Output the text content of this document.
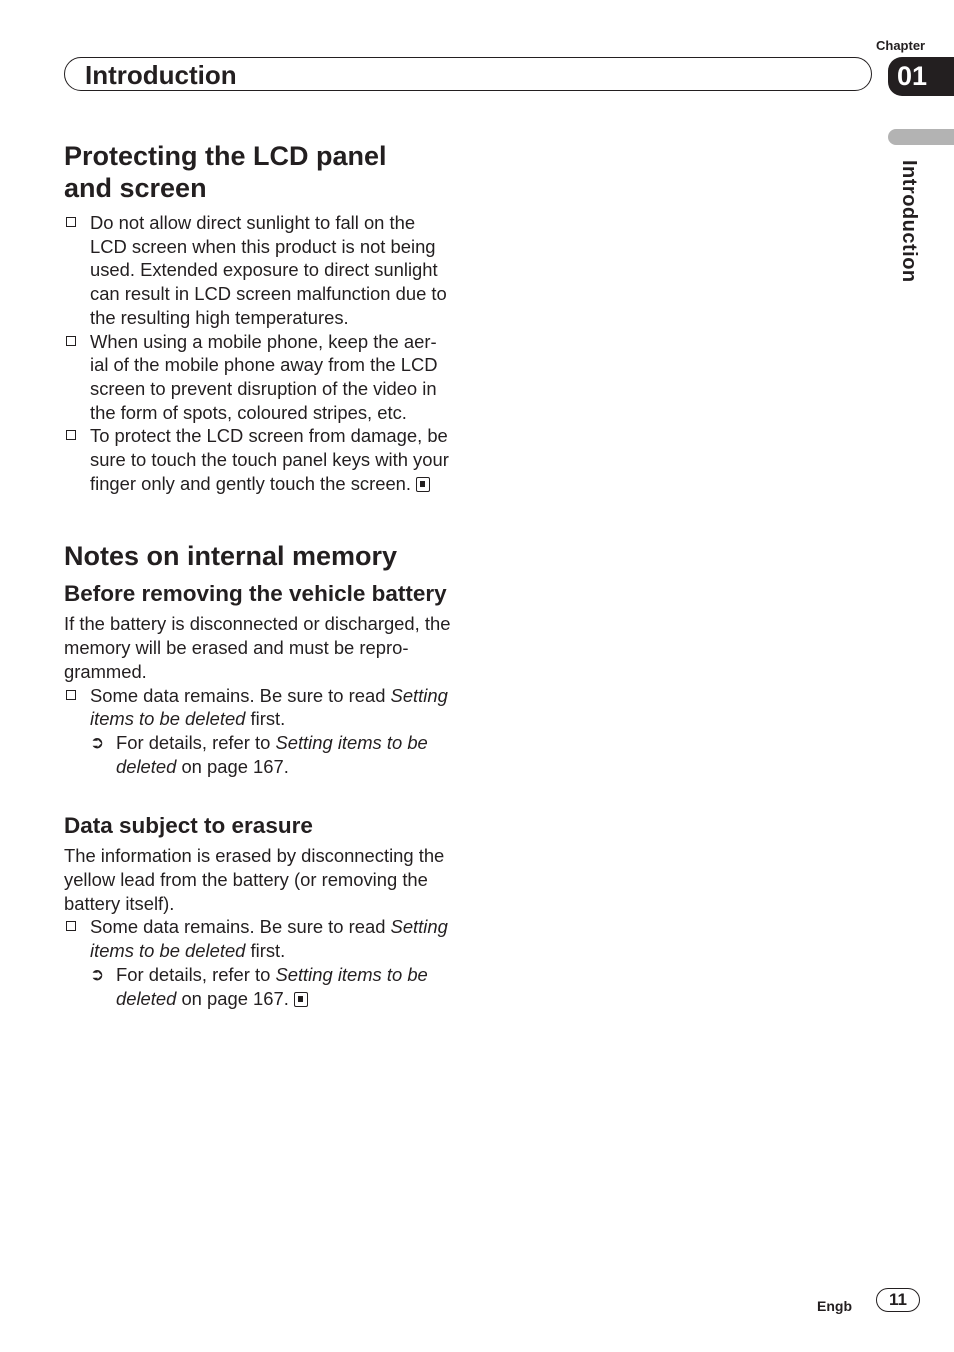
Chapter
Introduction	01
Introduction
Protecting the LCD panel and screen
Do not allow direct sunlight to fall on the LCD screen when this product is not being used. Extended exposure to direct sunlight can result in LCD screen malfunction due to the resulting high temperatures.
When using a mobile phone, keep the aer-ial of the mobile phone away from the LCD screen to prevent disruption of the video in the form of spots, coloured stripes, etc.
To protect the LCD screen from damage, be sure to touch the touch panel keys with your finger only and gently touch the screen.
Notes on internal memory
Before removing the vehicle battery

If the battery is disconnected or discharged, the memory will be erased and must be repro-grammed.

Some data remains. Be sure to read Setting items to be deleted first.
➲ For details, refer to Setting items to be deleted on page 167.
Data subject to erasure

The information is erased by disconnecting the yellow lead from the battery (or removing the battery itself).

Some data remains. Be sure to read Setting items to be deleted first.
➲ For details, refer to Setting items to be deleted on page 167.
Engb	11
